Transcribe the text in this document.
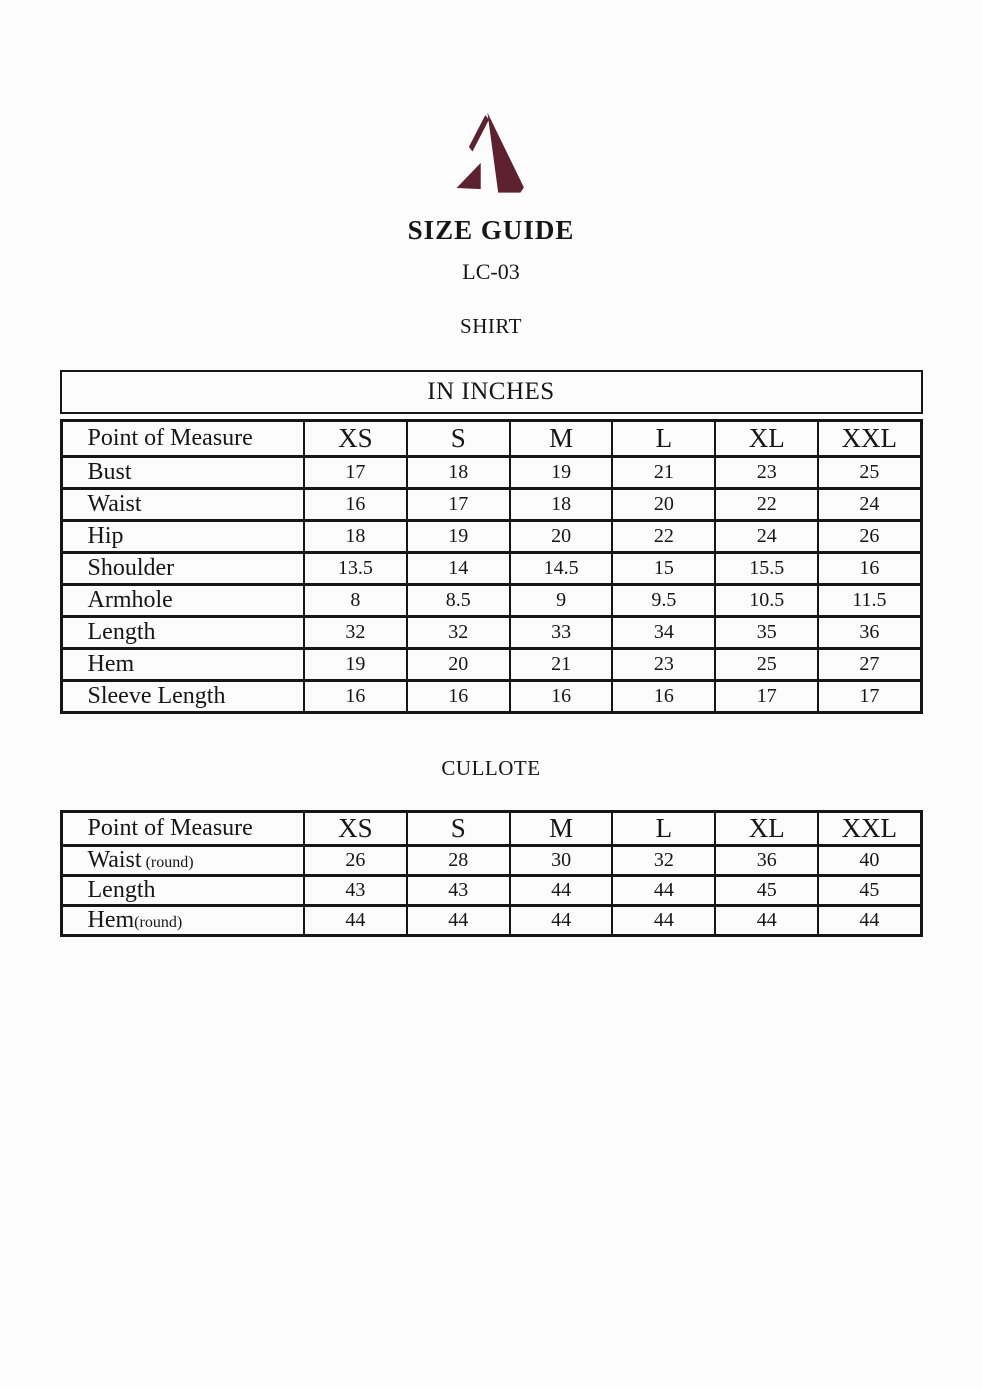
SIZE GUIDE
LC-03
SHIRT
IN INCHES
Point of Measure	XS	S	M	L	XL	XXL
Bust	17	18	19	21	23	25
Waist	16	17	18	20	22	24
Hip	18	19	20	22	24	26
Shoulder	13.5	14	14.5	15	15.5	16
Armhole	8	8.5	9	9.5	10.5	11.5
Length	32	32	33	34	35	36
Hem	19	20	21	23	25	27
Sleeve Length	16	16	16	16	17	17
CULLOTE
Point of Measure	XS	S	M	L	XL	XXL
Waist (round)	26	28	30	32	36	40
Length	43	43	44	44	45	45
Hem(round)	44	44	44	44	44	44
